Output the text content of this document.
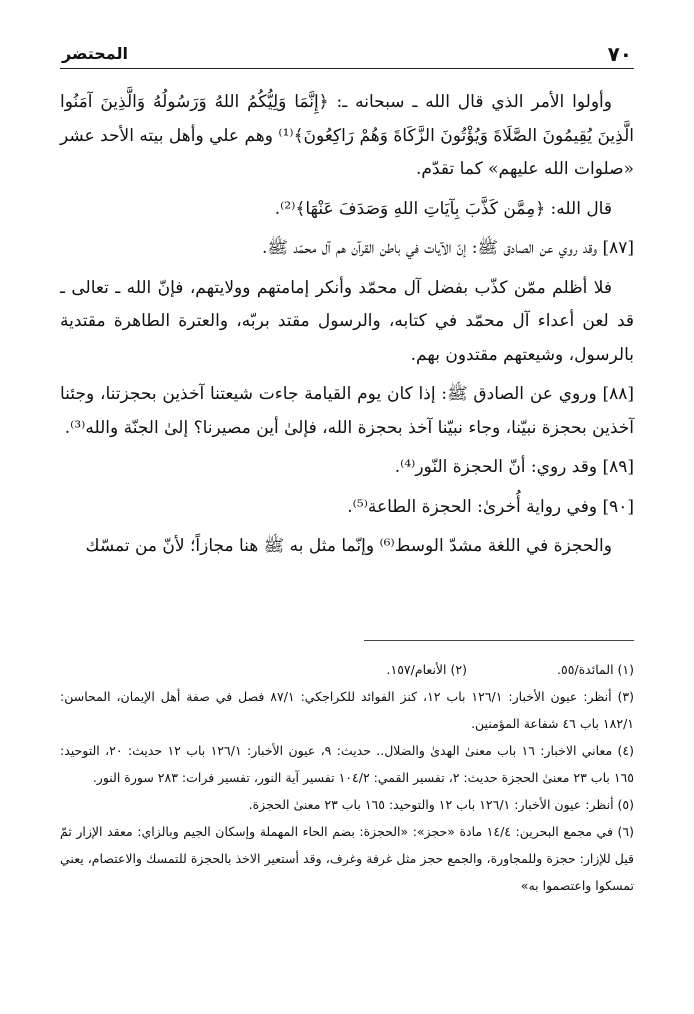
٧٠
المحتضر

وأولوا الأمر الذي قال الله ـ سبحانه ـ: ﴿إِنَّمَا وَلِيُّكُمُ اللهُ وَرَسُولُهُ وَالَّذِينَ آمَنُوا الَّذِينَ يُقِيمُونَ الصَّلَاةَ وَيُؤْتُونَ الزَّكَاةَ وَهُمْ رَاكِعُونَ﴾⁽¹⁾ وهم علي وأهل بيته الأحد عشر «صلوات الله عليهم» كما تقدّم.

قال الله: ﴿مِمَّن كَذَّبَ بِآيَاتِ اللهِ وَصَدَفَ عَنْهَا﴾⁽²⁾.

[٨٧] وقد روي عن الصادق ﷺ: إنّ الآيات في باطن القرآن هم آل محمّد ﷺ.

فلا أظلم ممّن كذّب بفضل آل محمّد وأنكر إمامتهم وولايتهم، فإنّ الله ـ تعالى ـ قد لعن أعداء آل محمّد في كتابه، والرسول مقتد بربّه، والعترة الطاهرة مقتدية بالرسول، وشيعتهم مقتدون بهم.

[٨٨] وروي عن الصادق ﷺ: إذا كان يوم القيامة جاءت شيعتنا آخذين بحجزتنا، وجئنا آخذين بحجزة نبيّنا، وجاء نبيّنا آخذ بحجزة الله، فإلىٰ أين مصيرنا؟ إلىٰ الجنّة والله⁽³⁾.

[٨٩] وقد روي: أنّ الحجزة النّور⁽⁴⁾.

[٩٠] وفي رواية أُخرىٰ: الحجزة الطاعة⁽⁵⁾.

والحجزة في اللغة مشدّ الوسط⁽⁶⁾ وإنّما مثل به ﷺ هنا مجازاً؛ لأنّ من تمسّك

(١) المائدة/٥٥.
(٢) الأنعام/١٥٧.

(٣) أنظر: عيون الأخبار: ١٢٦/١ باب ١٢، كنز الفوائد للكراجكي: ٨٧/١ فصل في صفة أهل الإيمان، المحاسن: ١٨٢/١ باب ٤٦ شفاعة المؤمنين.

(٤) معاني الاخبار: ١٦ باب معنىٰ الهدىٰ والضلال.. حديث: ٩، عيون الأخبار: ١٢٦/١ باب ١٢ حديث: ٢٠، التوحيد: ١٦٥ باب ٢٣ معنىٰ الحجزة حديث: ٢، تفسير القمي: ١٠٤/٢ تفسير آية النور، تفسير فرات: ٢٨٣ سورة النور.

(٥) أنظر: عيون الأخبار: ١٢٦/١ باب ١٢ والتوحيد: ١٦٥ باب ٢٣ معنىٰ الحجزة.

(٦) في مجمع البحرين: ١٤/٤ مادة «حجز»: «الحجزة: بضم الحاء المهملة وإسكان الجيم وبالزاي: معقد الإزار ثمّ قيل للإزار: حجزة وللمجاورة، والجمع حجز مثل غرفة وغرف، وقد أستعير الاخذ بالحجزة للتمسك والاعتصام، يعني تمسكوا واعتصموا به»
